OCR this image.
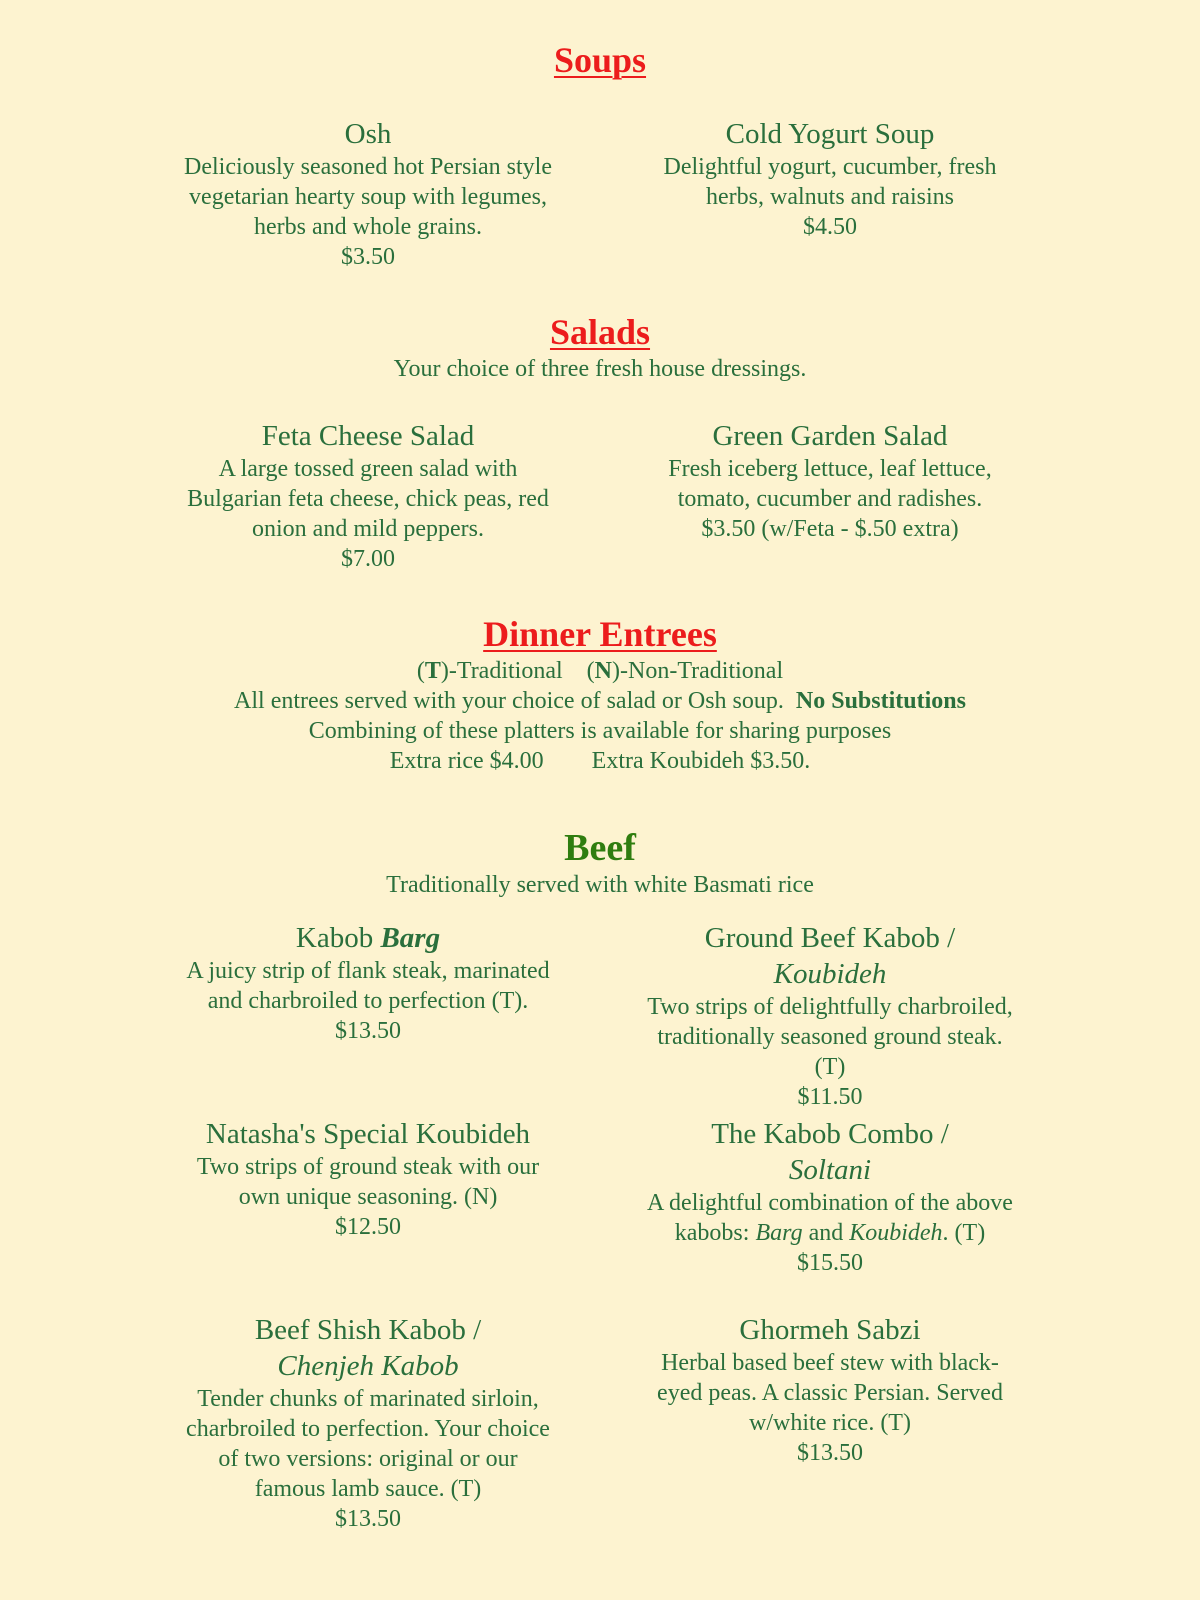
Soups

Osh

Deliciously seasoned hot Persian style vegetarian hearty soup with legumes, herbs and whole grains.

$3.50

Cold Yogurt Soup

Delightful yogurt, cucumber, fresh herbs, walnuts and raisins

$4.50

Salads

Your choice of three fresh house dressings.

Feta Cheese Salad

A large tossed green salad with Bulgarian feta cheese, chick peas, red onion and mild peppers.

$7.00

Green Garden Salad

Fresh iceberg lettuce, leaf lettuce, tomato, cucumber and radishes.

$3.50 (w/Feta - $.50 extra)

Dinner Entrees

(T)-Traditional (N)-Non-Traditional

All entrees served with your choice of salad or Osh soup. No Substitutions

Combining of these platters is available for sharing purposes

Extra rice $4.00 Extra Koubideh $3.50.

Beef

Traditionally served with white Basmati rice

Kabob Barg

A juicy strip of flank steak, marinated and charbroiled to perfection (T).

$13.50

Ground Beef Kabob /
Koubideh

Two strips of delightfully charbroiled, traditionally seasoned ground steak. (T)

$11.50

Natasha's Special Koubideh

Two strips of ground steak with our own unique seasoning. (N)

$12.50

The Kabob Combo /
Soltani

A delightful combination of the above kabobs: Barg and Koubideh. (T)

$15.50

Beef Shish Kabob /
Chenjeh Kabob

Tender chunks of marinated sirloin, charbroiled to perfection. Your choice of two versions: original or our famous lamb sauce. (T)

$13.50

Ghormeh Sabzi

Herbal based beef stew with black-eyed peas. A classic Persian. Served w/white rice. (T)

$13.50
